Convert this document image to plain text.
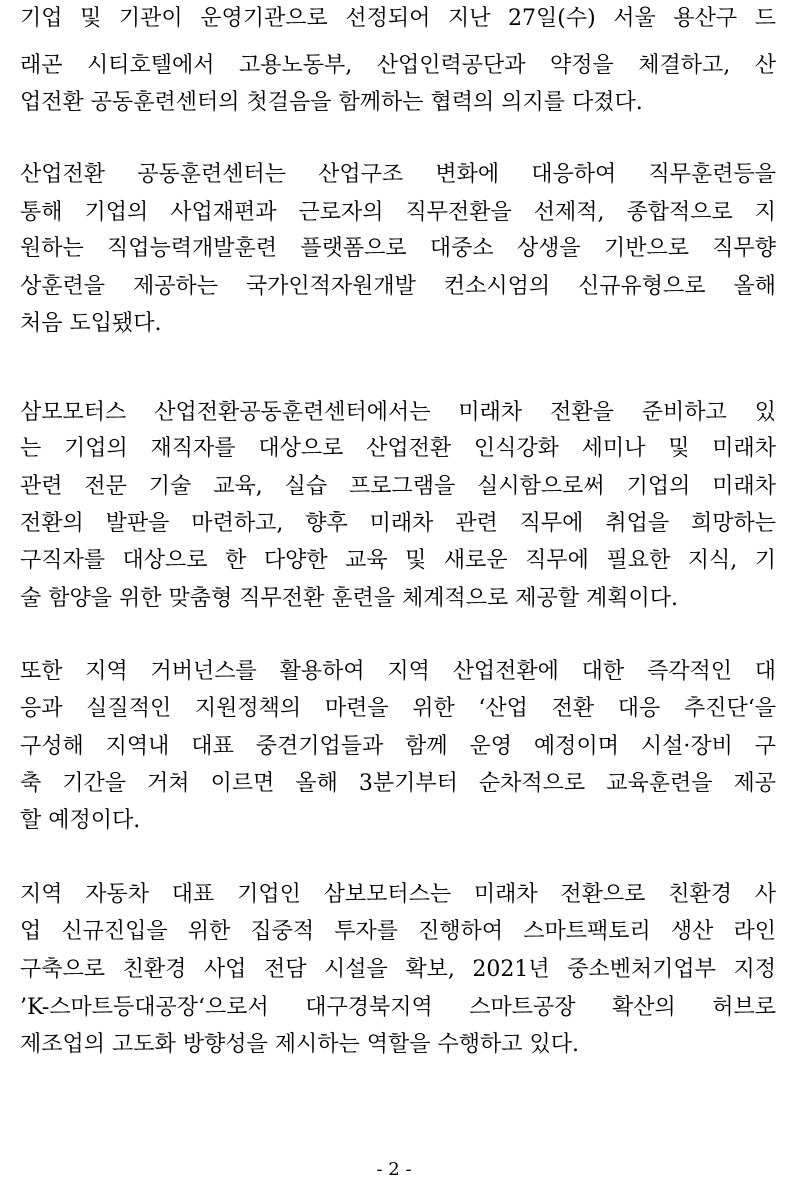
기업 및 기관이 운영기관으로 선정되어 지난 27일(수) 서울 용산구 드
래곤 시티호텔에서 고용노동부, 산업인력공단과 약정을 체결하고, 산
업전환 공동훈련센터의 첫걸음을 함께하는 협력의 의지를 다졌다.
산업전환 공동훈련센터는 산업구조 변화에 대응하여 직무훈련등을
통해 기업의 사업재편과 근로자의 직무전환을 선제적, 종합적으로 지
원하는 직업능력개발훈련 플랫폼으로 대중소 상생을 기반으로 직무향
상훈련을 제공하는 국가인적자원개발 컨소시엄의 신규유형으로 올해
처음 도입됐다.
삼모모터스 산업전환공동훈련센터에서는 미래차 전환을 준비하고 있
는 기업의 재직자를 대상으로 산업전환 인식강화 세미나 및 미래차
관련 전문 기술 교육, 실습 프로그램을 실시함으로써 기업의 미래차
전환의 발판을 마련하고, 향후 미래차 관련 직무에 취업을 희망하는
구직자를 대상으로 한 다양한 교육 및 새로운 직무에 필요한 지식, 기
술 함양을 위한 맞춤형 직무전환 훈련을 체계적으로 제공할 계획이다.
또한 지역 거버넌스를 활용하여 지역 산업전환에 대한 즉각적인 대
응과 실질적인 지원정책의 마련을 위한 ‘산업 전환 대응 추진단‘을
구성해 지역내 대표 중견기업들과 함께 운영 예정이며 시설·장비 구
축 기간을 거쳐 이르면 올해 3분기부터 순차적으로 교육훈련을 제공
할 예정이다.
지역 자동차 대표 기업인 삼보모터스는 미래차 전환으로 친환경 사
업 신규진입을 위한 집중적 투자를 진행하여 스마트팩토리 생산 라인
구축으로 친환경 사업 전담 시설을 확보, 2021년 중소벤처기업부 지정
’K-스마트등대공장‘으로서 대구경북지역 스마트공장 확산의 허브로
제조업의 고도화 방향성을 제시하는 역할을 수행하고 있다.
- 2 -
